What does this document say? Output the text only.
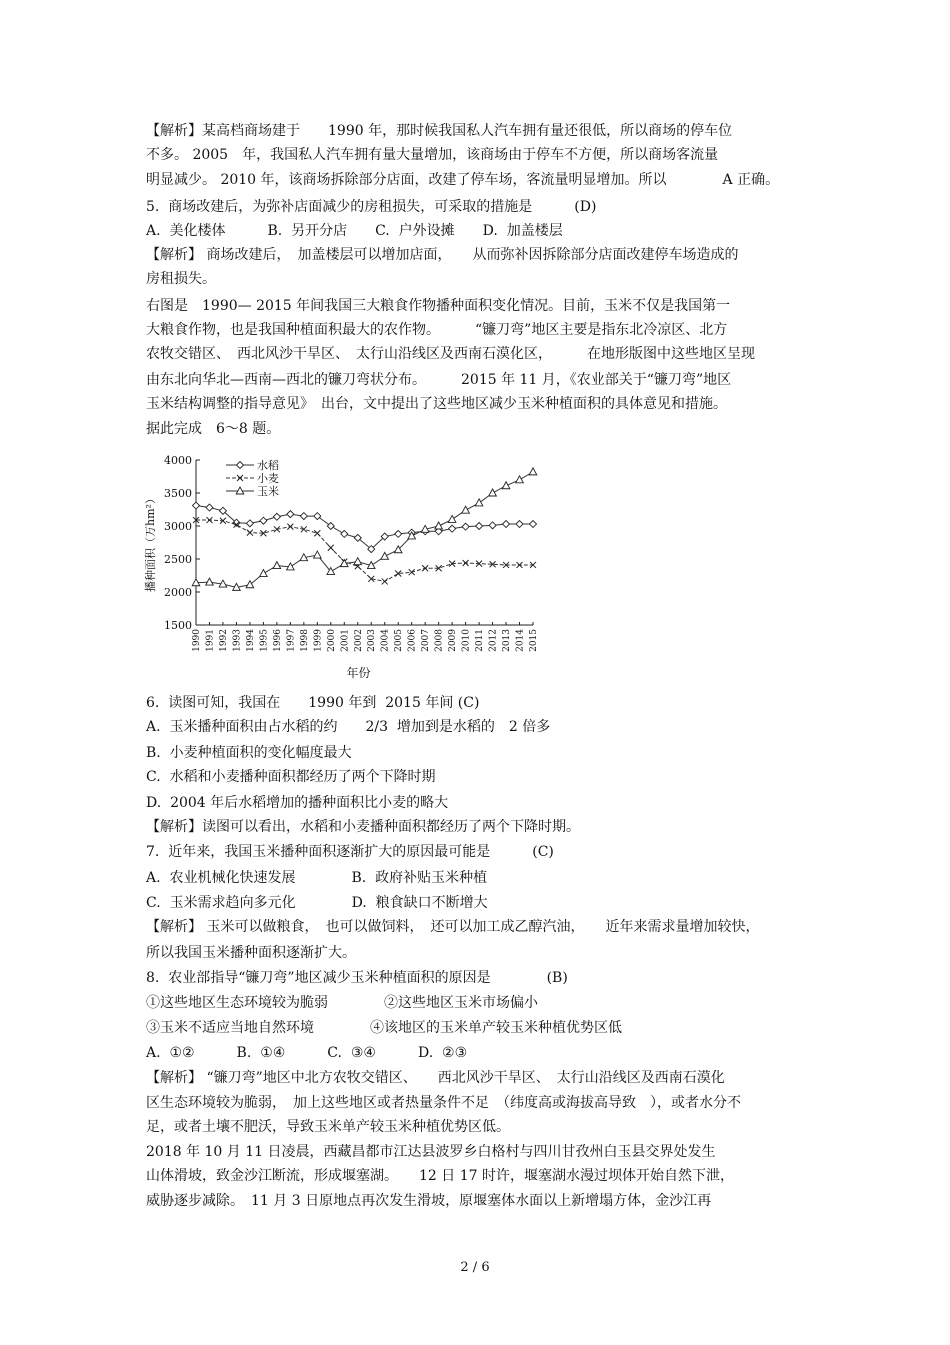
【解析】某高档商场建于　　1990 年，那时候我国私人汽车拥有量还很低，所以商场的停车位
不多。 2005　年，我国私人汽车拥有量大量增加，该商场由于停车不方便，所以商场客流量
明显减少。 2010 年，该商场拆除部分店面，改建了停车场，客流量明显增加。所以　　　　A 正确。
5.  商场改建后，为弥补店面减少的房租损失，可采取的措施是　　　(D)
A.  美化楼体　　　B.  另开分店　　C.  户外设摊　　D.  加盖楼层
【解析】 商场改建后，　加盖楼层可以增加店面，　　从而弥补因拆除部分店面改建停车场造成的
房租损失。
右图是　1990— 2015 年间我国三大粮食作物播种面积变化情况。目前，玉米不仅是我国第一
大粮食作物，也是我国种植面积最大的农作物。　　　“镰刀弯”地区主要是指东北冷凉区、北方
农牧交错区、　西北风沙干旱区、　太行山沿线区及西南石漠化区，　　　在地形版图中这些地区呈现
由东北向华北—西南—西北的镰刀弯状分布。　　　2015 年 11 月，《农业部关于“镰刀弯”地区
玉米结构调整的指导意见》　出台，文中提出了这些地区减少玉米种植面积的具体意见和措施。
据此完成　6～8 题。
6.  读图可知，我国在　　1990 年到  2015 年间 (C)
A.  玉米播种面积由占水稻的约　　2/3  增加到是水稻的　2 倍多
B.  小麦种植面积的变化幅度最大
C.  水稻和小麦播种面积都经历了两个下降时期
D.  2004 年后水稻增加的播种面积比小麦的略大
【解析】读图可以看出，水稻和小麦播种面积都经历了两个下降时期。
7.  近年来，我国玉米播种面积逐渐扩大的原因最可能是　　　(C)
A.  农业机械化快速发展　　　　B.  政府补贴玉米种植
C.  玉米需求趋向多元化　　　　D.  粮食缺口不断增大
【解析】 玉米可以做粮食，　也可以做饲料，　还可以加工成乙醇汽油，　　近年来需求量增加较快，
所以我国玉米播种面积逐渐扩大。
8.  农业部指导“镰刀弯”地区减少玉米种植面积的原因是　　　　(B)
①这些地区生态环境较为脆弱　　　　②这些地区玉米市场偏小
③玉米不适应当地自然环境　　　　④该地区的玉米单产较玉米种植优势区低
A.  ①②　　　B.  ①④　　　C.  ③④　　　D.  ②③
【解析】 “镰刀弯”地区中北方农牧交错区、　　西北风沙干旱区、　太行山沿线区及西南石漠化
区生态环境较为脆弱，　加上这些地区或者热量条件不足　（纬度高或海拔高导致　），或者水分不
足，或者土壤不肥沃，导致玉米单产较玉米种植优势区低。
2018 年 10 月 11 日凌晨，西藏昌都市江达县波罗乡白格村与四川甘孜州白玉县交界处发生
山体滑坡，致金沙江断流，形成堰塞湖。　　12 日 17 时许，堰塞湖水漫过坝体开始自然下泄，
威胁逐步减除。　11 月 3 日原地点再次发生滑坡，原堰塞体水面以上新增塌方体，金沙江再
1500
2000
2500
3000
3500
4000
1990 1991 1992 1993 1994 1995 1996 1997 1998 1999 2000 2001 2002 2003 2004 2005 2006 2007 2008 2009 2010 2011 2012 2013 2014 2015
年份
播种面积（万hm²）
水稻
小麦
玉米
2 / 6
